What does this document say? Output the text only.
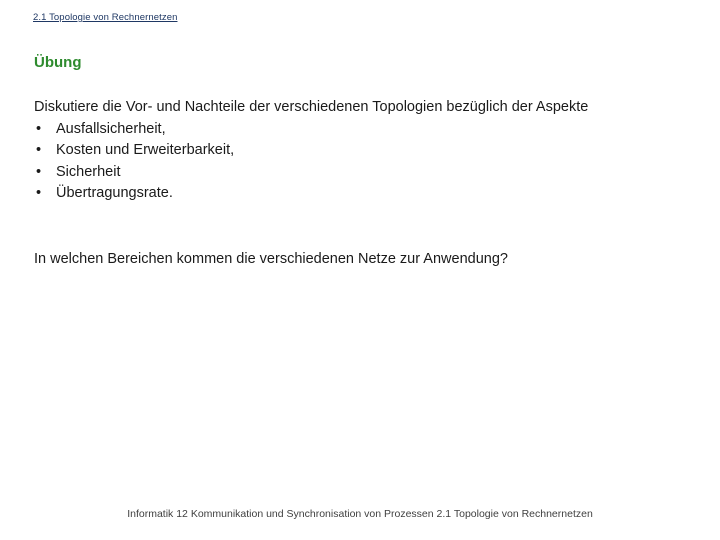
2.1 Topologie von Rechnernetzen
Übung

Diskutiere die Vor- und Nachteile der verschiedenen Topologien bezüglich der Aspekte

•	Ausfallsicherheit,
•	Kosten und Erweiterbarkeit,
•	Sicherheit
•	Übertragungsrate.
In welchen Bereichen kommen die verschiedenen Netze zur Anwendung?
Informatik 12 Kommunikation und Synchronisation von Prozessen 2.1 Topologie von Rechnernetzen
